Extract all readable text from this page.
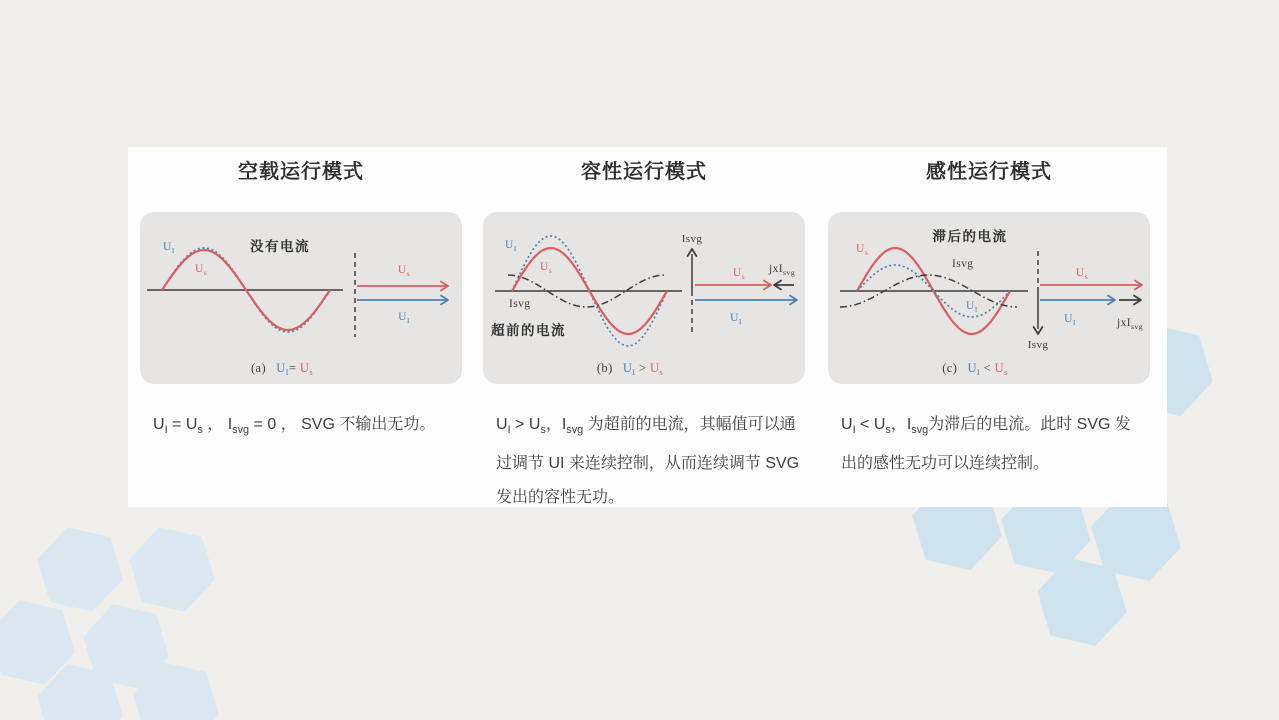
空载运行模式
$U_I$
$U_s$
没有电流
$U_s$
$U_I$
(a)  $U_I= U_s$

$U_I = U_s$ ， $I_{svg} = 0$ ， SVG 不输出无功。

容性运行模式
$U_I$
$U_s$
Isvg
超前的电流
Isvg
$U_s$
jxI$_{svg}$
$U_I$
(b)  $U_I > U_s$

$U_I > U_s$，$I_{svg}$ 为超前的电流，其幅值可以通过调节 UI 来连续控制，从而连续调节 SVG 发出的容性无功。

感性运行模式
$U_s$
$U_I$
Isvg
滞后的电流
Isvg
$U_s$
$U_I$	jxI$_{svg}$
(c)  $U_I < U_s$

$U_I < U_s$，$I_{svg}$为滞后的电流。此时 SVG 发出的感性无功可以连续控制。
